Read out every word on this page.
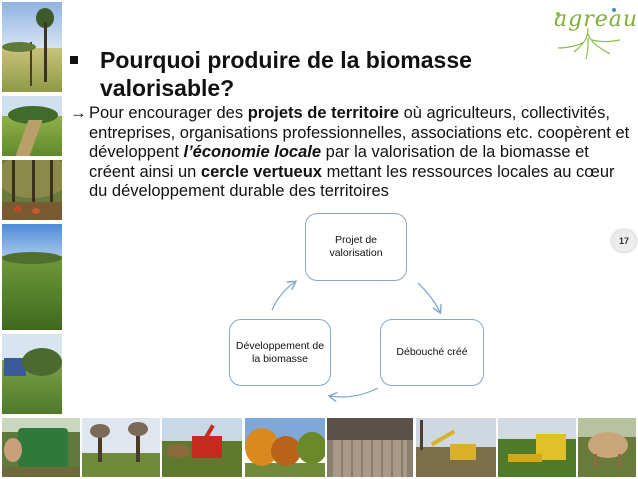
agreau
Pourquoi produire de la biomasse valorisable?
→ Pour encourager des projets de territoire où agriculteurs, collectivités, entreprises, organisations professionnelles, associations etc. coopèrent et développent l’économie locale par la valorisation de la biomasse et créent ainsi un cercle vertueux mettant les ressources locales au cœur du développement durable des territoires
Projet de valorisation
Débouché créé
Développement de la biomasse
17
